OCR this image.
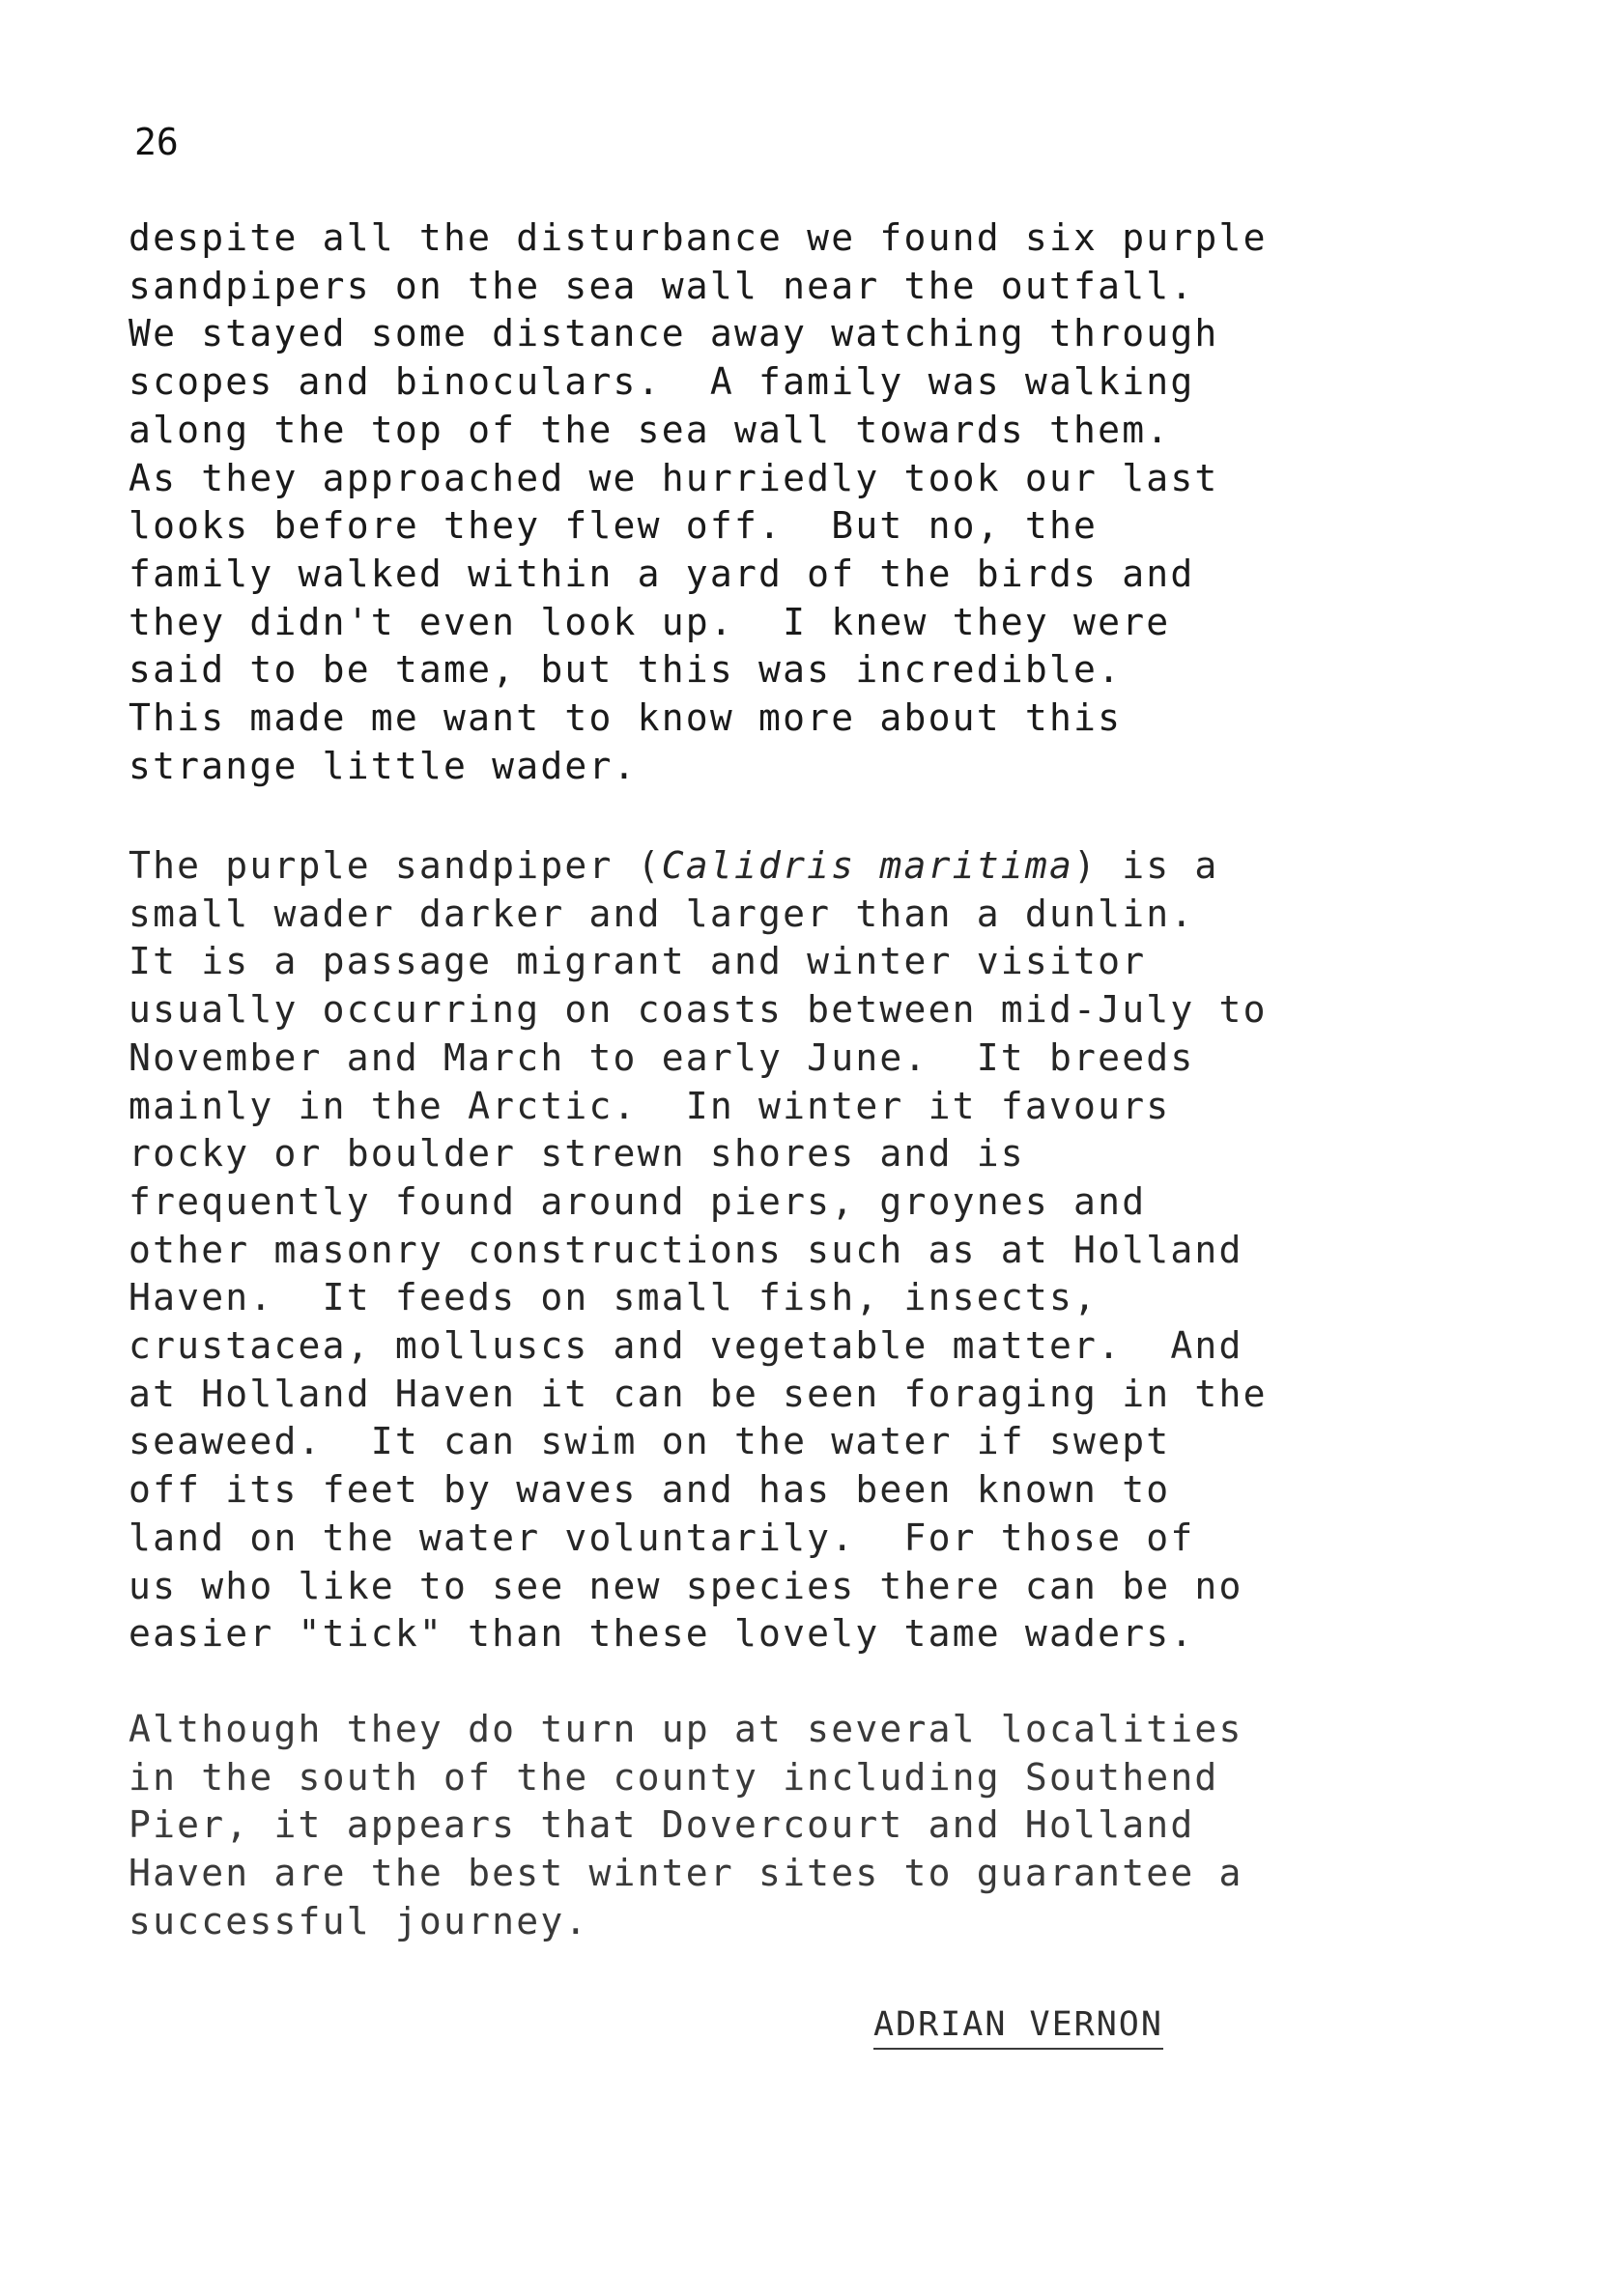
26
despite all the disturbance we found six purple
sandpipers on the sea wall near the outfall.
We stayed some distance away watching through
scopes and binoculars.  A family was walking
along the top of the sea wall towards them.
As they approached we hurriedly took our last
looks before they flew off.  But no, the
family walked within a yard of the birds and
they didn't even look up.  I knew they were
said to be tame, but this was incredible.
This made me want to know more about this
strange little wader.
The purple sandpiper (Calidris maritima) is a
small wader darker and larger than a dunlin.
It is a passage migrant and winter visitor
usually occurring on coasts between mid-July to
November and March to early June.  It breeds
mainly in the Arctic.  In winter it favours
rocky or boulder strewn shores and is
frequently found around piers, groynes and
other masonry constructions such as at Holland
Haven.  It feeds on small fish, insects,
crustacea, molluscs and vegetable matter.  And
at Holland Haven it can be seen foraging in the
seaweed.  It can swim on the water if swept
off its feet by waves and has been known to
land on the water voluntarily.  For those of
us who like to see new species there can be no
easier "tick" than these lovely tame waders.
Although they do turn up at several localities
in the south of the county including Southend
Pier, it appears that Dovercourt and Holland
Haven are the best winter sites to guarantee a
successful journey.
ADRIAN VERNON
